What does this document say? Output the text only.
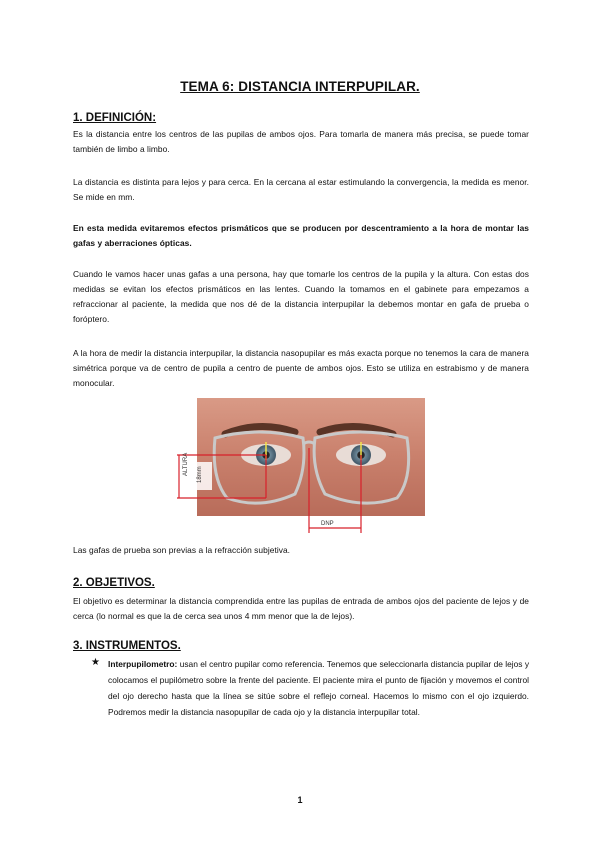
TEMA 6: DISTANCIA INTERPUPILAR.
1. DEFINICIÓN:
Es la distancia entre los centros de las pupilas de ambos ojos. Para tomarla de manera más precisa, se puede tomar también de limbo a limbo.
La distancia es distinta para lejos y para cerca. En la cercana al estar estimulando la convergencia, la medida es menor. Se mide en mm.
En esta medida evitaremos efectos prismáticos que se producen por descentramiento a la hora de montar las gafas y aberraciones ópticas.
Cuando le vamos hacer unas gafas a una persona, hay que tomarle los centros de la pupila y la altura. Con estas dos medidas se evitan los efectos prismáticos en las lentes. Cuando la tomamos en el gabinete para empezamos a refraccionar al paciente, la medida que nos dé de la distancia interpupilar la debemos montar en gafa de prueba o foróptero.
A la hora de medir la distancia interpupilar, la distancia nasopupilar es más exacta porque no tenemos la cara de manera simétrica porque va de centro de pupila a centro de puente de ambos ojos. Esto se utiliza en estrabismo y de manera monocular.
ALTURA 18mm
DNP
Las gafas de prueba son previas a la refracción subjetiva.
2. OBJETIVOS.
El objetivo es determinar la distancia comprendida entre las pupilas de entrada de ambos ojos del paciente de lejos y de cerca (lo normal es que la de cerca sea unos 4 mm menor que la de lejos).
3. INSTRUMENTOS.
★ Interpupilometro: usan el centro pupilar como referencia. Tenemos que seleccionarla distancia pupilar de lejos y colocamos el pupilómetro sobre la frente del paciente. El paciente mira el punto de fijación y movemos el control del ojo derecho hasta que la línea se sitúe sobre el reflejo corneal. Hacemos lo mismo con el ojo izquierdo. Podremos medir la distancia nasopupilar de cada ojo y la distancia interpupilar total.
1
